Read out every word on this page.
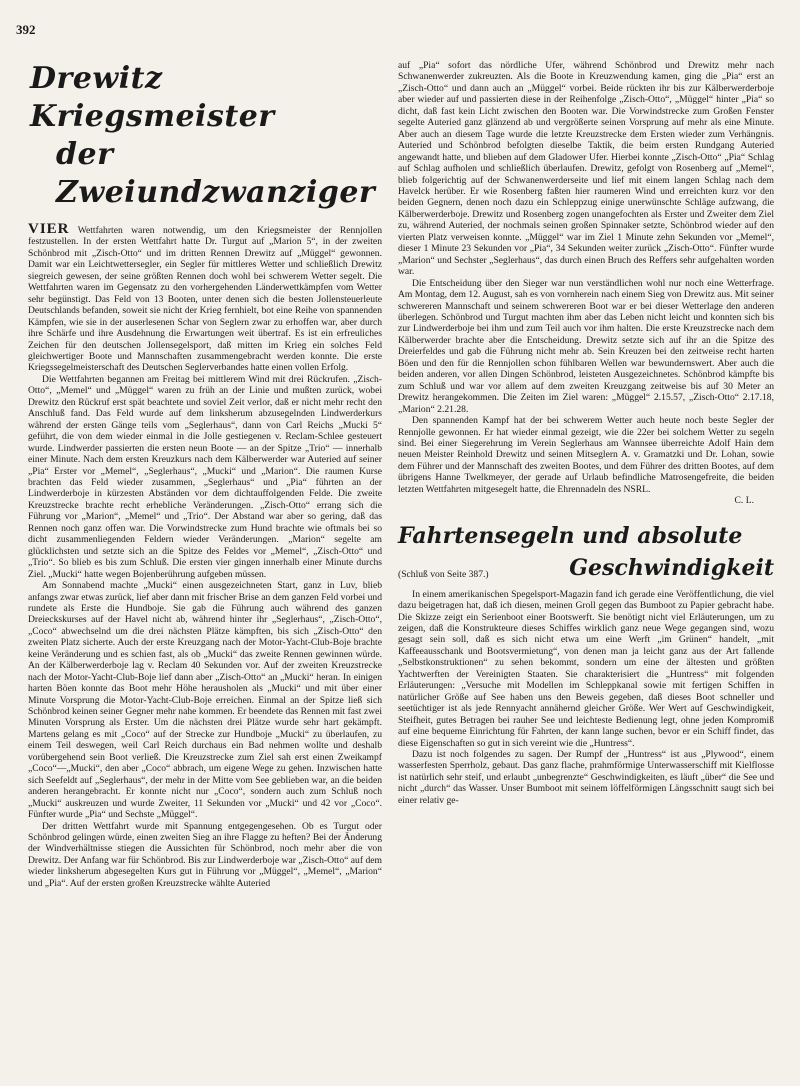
392
Drewitz Kriegsmeister
der Zweiundzwanziger

VIER Wettfahrten waren notwendig, um den Kriegsmeister der Rennjollen festzustellen. In der ersten Wettfahrt hatte Dr. Turgut auf „Marion 5“, in der zweiten Schönbrod mit „Zisch-Otto“ und im dritten Rennen Drewitz auf „Müggel“ gewonnen. Damit war ein Leichtwettersegler, ein Segler für mittleres Wetter und schließlich Drewitz siegreich gewesen, der seine größten Rennen doch wohl bei schwerem Wetter segelt. Die Wettfahrten waren im Gegensatz zu den vorhergehenden Länderwettkämpfen vom Wetter sehr begünstigt. Das Feld von 13 Booten, unter denen sich die besten Jollensteuerleute Deutschlands befanden, soweit sie nicht der Krieg fernhielt, bot eine Reihe von spannenden Kämpfen, wie sie in der auserlesenen Schar von Seglern zwar zu erhoffen war, aber durch ihre Schärfe und ihre Ausdehnung die Erwartungen weit übertraf. Es ist ein erfreuliches Zeichen für den deutschen Jollensegelsport, daß mitten im Krieg ein solches Feld gleichwertiger Boote und Mannschaften zusammengebracht werden konnte. Die erste Kriegssegelmeisterschaft des Deutschen Seglerverbandes hatte einen vollen Erfolg.

Die Wettfahrten begannen am Freitag bei mittlerem Wind mit drei Rückrufen. „Zisch-Otto“, „Memel“ und „Müggel“ waren zu früh an der Linie und mußten zurück, wobei Drewitz den Rückruf erst spät beachtete und soviel Zeit verlor, daß er nicht mehr recht den Anschluß fand. Das Feld wurde auf dem linksherum abzusegelnden Lindwerderkurs während der ersten Gänge teils vom „Seglerhaus“, dann von Carl Reichs „Mucki 5“ geführt, die von dem wieder einmal in die Jolle gestiegenen v. Reclam-Schlee gesteuert wurde. Lindwerder passierten die ersten neun Boote — an der Spitze „Trio“ — innerhalb einer Minute. Nach dem ersten Kreuzkurs nach dem Kälberwerder war Auteried auf seiner „Pia“ Erster vor „Memel“, „Seglerhaus“, „Mucki“ und „Marion“. Die raumen Kurse brachten das Feld wieder zusammen, „Seglerhaus“ und „Pia“ führten an der Lindwerderboje in kürzesten Abständen vor dem dichtauffolgenden Felde. Die zweite Kreuzstrecke brachte recht erhebliche Veränderungen. „Zisch-Otto“ errang sich die Führung vor „Marion“, „Memel“ und „Trio“. Der Abstand war aber so gering, daß das Rennen noch ganz offen war. Die Vorwindstrecke zum Hund brachte wie oftmals bei so dicht zusammenliegenden Feldern wieder Veränderungen. „Marion“ segelte am glücklichsten und setzte sich an die Spitze des Feldes vor „Memel“, „Zisch-Otto“ und „Trio“. So blieb es bis zum Schluß. Die ersten vier gingen innerhalb einer Minute durchs Ziel. „Mucki“ hatte wegen Bojenberührung aufgeben müssen.

Am Sonnabend machte „Mucki“ einen ausgezeichneten Start, ganz in Luv, blieb anfangs zwar etwas zurück, lief aber dann mit frischer Brise an dem ganzen Feld vorbei und rundete als Erste die Hundboje. Sie gab die Führung auch während des ganzen Dreieckskurses auf der Havel nicht ab, während hinter ihr „Seglerhaus“, „Zisch-Otto“, „Coco“ abwechselnd um die drei nächsten Plätze kämpften, bis sich „Zisch-Otto“ den zweiten Platz sicherte. Auch der erste Kreuzgang nach der Motor-Yacht-Club-Boje brachte keine Veränderung und es schien fast, als ob „Mucki“ das zweite Rennen gewinnen würde. An der Kälberwerderboje lag v. Reclam 40 Sekunden vor. Auf der zweiten Kreuzstrecke nach der Motor-Yacht-Club-Boje lief dann aber „Zisch-Otto“ an „Mucki“ heran. In einigen harten Böen konnte das Boot mehr Höhe herausholen als „Mucki“ und mit über einer Minute Vorsprung die Motor-Yacht-Club-Boje erreichen. Einmal an der Spitze ließ sich Schönbrod keinen seiner Gegner mehr nahe kommen. Er beendete das Rennen mit fast zwei Minuten Vorsprung als Erster. Um die nächsten drei Plätze wurde sehr hart gekämpft. Martens gelang es mit „Coco“ auf der Strecke zur Hundboje „Mucki“ zu überlaufen, zu einem Teil deswegen, weil Carl Reich durchaus ein Bad nehmen wollte und deshalb vorübergehend sein Boot verließ. Die Kreuzstrecke zum Ziel sah erst einen Zweikampf „Coco“—„Mucki“, den aber „Coco“ abbrach, um eigene Wege zu gehen. Inzwischen hatte sich Seefeldt auf „Seglerhaus“, der mehr in der Mitte vom See geblieben war, an die beiden anderen herangebracht. Er konnte nicht nur „Coco“, sondern auch zum Schluß noch „Mucki“ auskreuzen und wurde Zweiter, 11 Sekunden vor „Mucki“ und 42 vor „Coco“. Fünfter wurde „Pia“ und Sechste „Müggel“.

Der dritten Wettfahrt wurde mit Spannung entgegengesehen. Ob es Turgut oder Schönbrod gelingen würde, einen zweiten Sieg an ihre Flagge zu heften? Bei der Änderung der Windverhältnisse stiegen die Aussichten für Schönbrod, noch mehr aber die von Drewitz. Der Anfang war für Schönbrod. Bis zur Lindwerderboje war „Zisch-Otto“ auf dem wieder linksherum abgesegelten Kurs gut in Führung vor „Müggel“, „Memel“, „Marion“ und „Pia“. Auf der ersten großen Kreuzstrecke wählte Auteried

auf „Pia“ sofort das nördliche Ufer, während Schönbrod und Drewitz mehr nach Schwanenwerder zukreuzten. Als die Boote in Kreuzwendung kamen, ging die „Pia“ erst an „Zisch-Otto“ und dann auch an „Müggel“ vorbei. Beide rückten ihr bis zur Kälberwerderboje aber wieder auf und passierten diese in der Reihenfolge „Zisch-Otto“, „Müggel“ hinter „Pia“ so dicht, daß fast kein Licht zwischen den Booten war. Die Vorwindstrecke zum Großen Fenster segelte Auteried ganz glänzend ab und vergrößerte seinen Vorsprung auf mehr als eine Minute. Aber auch an diesem Tage wurde die letzte Kreuzstrecke dem Ersten wieder zum Verhängnis. Auteried und Schönbrod befolgten dieselbe Taktik, die beim ersten Rundgang Auteried angewandt hatte, und blieben auf dem Gladower Ufer. Hierbei konnte „Zisch-Otto“ „Pia“ Schlag auf Schlag aufholen und schließlich überlaufen. Drewitz, gefolgt von Rosenberg auf „Memel“, blieb folgerichtig auf der Schwanenwerderseite und lief mit einem langen Schlag nach dem Havelck herüber. Er wie Rosenberg faßten hier raumeren Wind und erreichten kurz vor den beiden Gegnern, denen noch dazu ein Schleppzug einige unerwünschte Schläge aufzwang, die Kälberwerderboje. Drewitz und Rosenberg zogen unangefochten als Erster und Zweiter dem Ziel zu, während Auteried, der nochmals seinen großen Spinnaker setzte, Schönbrod wieder auf den vierten Platz verweisen konnte. „Müggel“ war im Ziel 1 Minute zehn Sekunden vor „Memel“, dieser 1 Minute 23 Sekunden vor „Pia“, 34 Sekunden weiter zurück „Zisch-Otto“. Fünfter wurde „Marion“ und Sechster „Seglerhaus“, das durch einen Bruch des Reffers sehr aufgehalten worden war.

Die Entscheidung über den Sieger war nun verständlichen wohl nur noch eine Wetterfrage. Am Montag, dem 12. August, sah es von vornherein nach einem Sieg von Drewitz aus. Mit seiner schwereren Mannschaft und seinem schwereren Boot war er bei dieser Wetterlage den anderen überlegen. Schönbrod und Turgut machten ihm aber das Leben nicht leicht und konnten sich bis zur Lindwerderboje bei ihm und zum Teil auch vor ihm halten. Die erste Kreuzstrecke nach dem Kälberwerder brachte aber die Entscheidung. Drewitz setzte sich auf ihr an die Spitze des Dreierfeldes und gab die Führung nicht mehr ab. Sein Kreuzen bei den zeitweise recht harten Böen und den für die Rennjollen schon fühlbaren Wellen war bewundernswert. Aber auch die beiden anderen, vor allen Dingen Schönbrod, leisteten Ausgezeichnetes. Schönbrod kämpfte bis zum Schluß und war vor allem auf dem zweiten Kreuzgang zeitweise bis auf 30 Meter an Drewitz herangekommen. Die Zeiten im Ziel waren: „Müggel“ 2.15.57, „Zisch-Otto“ 2.17.18, „Marion“ 2.21.28.

Den spannenden Kampf hat der bei schwerem Wetter auch heute noch beste Segler der Rennjolle gewonnen. Er hat wieder einmal gezeigt, wie die 22er bei solchem Wetter zu segeln sind. Bei einer Siegerehrung im Verein Seglerhaus am Wannsee überreichte Adolf Hain dem neuen Meister Reinhold Drewitz und seinen Mitseglern A. v. Gramatzki und Dr. Lohan, sowie dem Führer und der Mannschaft des zweiten Bootes, und dem Führer des dritten Bootes, auf dem übrigens Hanne Twelkmeyer, der gerade auf Urlaub befindliche Matrosengefreite, die beiden letzten Wettfahrten mitgesegelt hatte, die Ehrennadeln des NSRL.

C. L.
Fahrtensegeln und absolute
(Schluß von Seite 387.)	Geschwindigkeit

In einem amerikanischen Spegelsport-Magazin fand ich gerade eine Veröffentlichung, die viel dazu beigetragen hat, daß ich diesen, meinen Groll gegen das Bumboot zu Papier gebracht habe. Die Skizze zeigt ein Serienboot einer Bootswerft. Sie benötigt nicht viel Erläuterungen, um zu zeigen, daß die Konstrukteure dieses Schiffes wirklich ganz neue Wege gegangen sind, wozu gesagt sein soll, daß es sich nicht etwa um eine Werft „im Grünen“ handelt, „mit Kaffeeausschank und Bootsvermietung“, von denen man ja leicht ganz aus der Art fallende „Selbstkonstruktionen“ zu sehen bekommt, sondern um eine der ältesten und größten Yachtwerften der Vereinigten Staaten. Sie charakterisiert die „Huntress“ mit folgenden Erläuterungen: „Versuche mit Modellen im Schleppkanal sowie mit fertigen Schiffen in natürlicher Größe auf See haben uns den Beweis gegeben, daß dieses Boot schneller und seetüchtiger ist als jede Rennyacht annähernd gleicher Größe. Wer Wert auf Geschwindigkeit, Steifheit, gutes Betragen bei rauher See und leichteste Bedienung legt, ohne jeden Kompromiß auf eine bequeme Einrichtung für Fahrten, der kann lange suchen, bevor er ein Schiff findet, das diese Eigenschaften so gut in sich vereint wie die „Huntress“.

Dazu ist noch folgendes zu sagen. Der Rumpf der „Huntress“ ist aus „Plywood“, einem wasserfesten Sperrholz, gebaut. Das ganz flache, prahmförmige Unterwasserschiff mit Kielflosse ist natürlich sehr steif, und erlaubt „unbegrenzte“ Geschwindigkeiten, es läuft „über“ die See und nicht „durch“ das Wasser. Unser Bumboot mit seinem löffelförmigen Längsschnitt saugt sich bei einer relativ ge-
